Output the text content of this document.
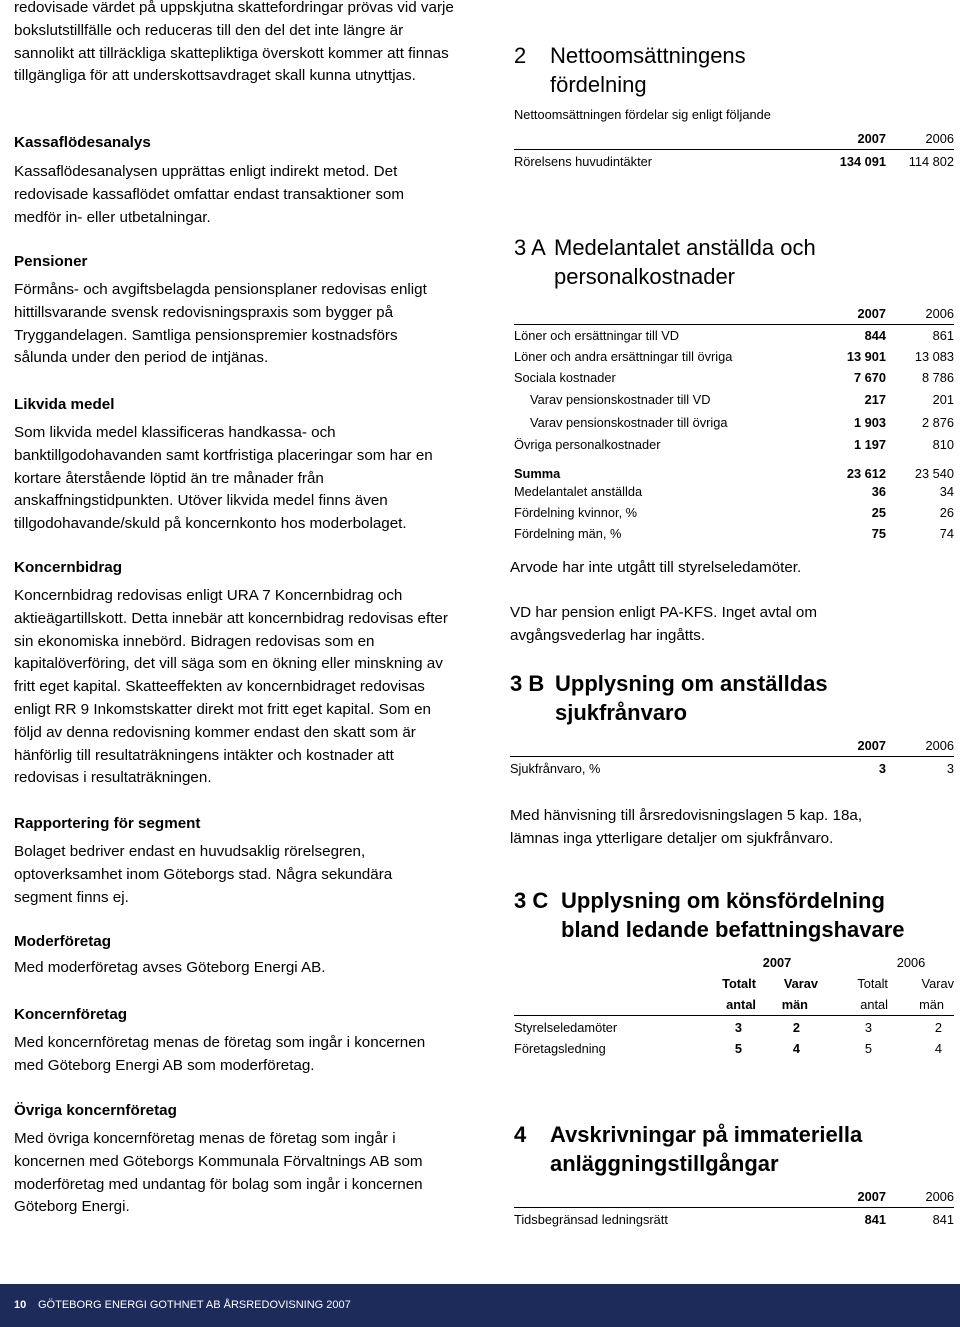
redovisade värdet på uppskjutna skattefordringar prövas vid varje bokslutstillfälle och reduceras till den del det inte längre är sannolikt att tillräckliga skattepliktiga överskott kommer att finnas tillgängliga för att underskottsavdraget skall kunna utnyttjas.

Kassaflödesanalys

Kassaflödesanalysen upprättas enligt indirekt metod. Det redovisade kassaflödet omfattar endast transaktioner som medför in- eller utbetalningar.

Pensioner

Förmåns- och avgiftsbelagda pensionsplaner redovisas enligt hittillsvarande svensk redovisningspraxis som bygger på Tryggandelagen. Samtliga pensionspremier kostnadsförs sålunda under den period de intjänas.

Likvida medel

Som likvida medel klassificeras handkassa- och banktillgodohavanden samt kortfristiga placeringar som har en kortare återstående löptid än tre månader från anskaffningstidpunkten. Utöver likvida medel finns även tillgodohavande/skuld på koncernkonto hos moderbolaget.

Koncernbidrag

Koncernbidrag redovisas enligt URA 7 Koncernbidrag och aktieägartillskott. Detta innebär att koncernbidrag redovisas efter sin ekonomiska innebörd. Bidragen redovisas som en kapitalöverföring, det vill säga som en ökning eller minskning av fritt eget kapital. Skatteeffekten av koncernbidraget redovisas enligt RR 9 Inkomstskatter direkt mot fritt eget kapital. Som en följd av denna redovisning kommer endast den skatt som är hänförlig till resultaträkningens intäkter och kostnader att redovisas i resultaträkningen.

Rapportering för segment

Bolaget bedriver endast en huvudsaklig rörelsegren, optoverksamhet inom Göteborgs stad. Några sekundära segment finns ej.

Moderföretag

Med moderföretag avses Göteborg Energi AB.

Koncernföretag

Med koncernföretag menas de företag som ingår i koncernen med Göteborg Energi AB som moderföretag.

Övriga koncernföretag

Med övriga koncernföretag menas de företag som ingår i koncernen med Göteborgs Kommunala Förvaltnings AB som moderföretag med undantag för bolag som ingår i koncernen Göteborg Energi.

2	Nettoomsättningens fördelning
Nettoomsättningen fördelar sig enligt följande
	2007	2006
Rörelsens huvudintäkter	134 091	114 802
3 A Medelantalet anställda och personalkostnader
	2007	2006
Löner och ersättningar till VD	844	861
Löner och andra ersättningar till övriga	13 901	13 083
Sociala kostnader	7 670	8 786
Varav pensionskostnader till VD	217	201
Varav pensionskostnader till övriga	1 903	2 876
Övriga personalkostnader	1 197	810
Summa	23 612	23 540
Medelantalet anställda	36	34
Fördelning kvinnor, %	25	26
Fördelning män, %	75	74

Arvode har inte utgått till styrelseledamöter.

VD har pension enligt PA-KFS. Inget avtal om avgångsvederlag har ingåtts.

3 B Upplysning om anställdas sjukfrånvaro
	2007	2006
Sjukfrånvaro, %	3	3

Med hänvisning till årsredovisningslagen 5 kap. 18a, lämnas inga ytterligare detaljer om sjukfrånvaro.

3 C Upplysning om könsfördelning bland ledande befattningshavare
	2007		2006	
	Totalt	Varav	Totalt	Varav
	antal	män	antal	män
Styrelseledamöter	3	2	3	2
Företagsledning	5	4	5	4
4	Avskrivningar på immateriella anläggningstillgångar
	2007	2006
Tidsbegränsad ledningsrätt	841	841
10 GÖTEBORG ENERGI GOTHNET AB ÅRSREDOVISNING 2007
